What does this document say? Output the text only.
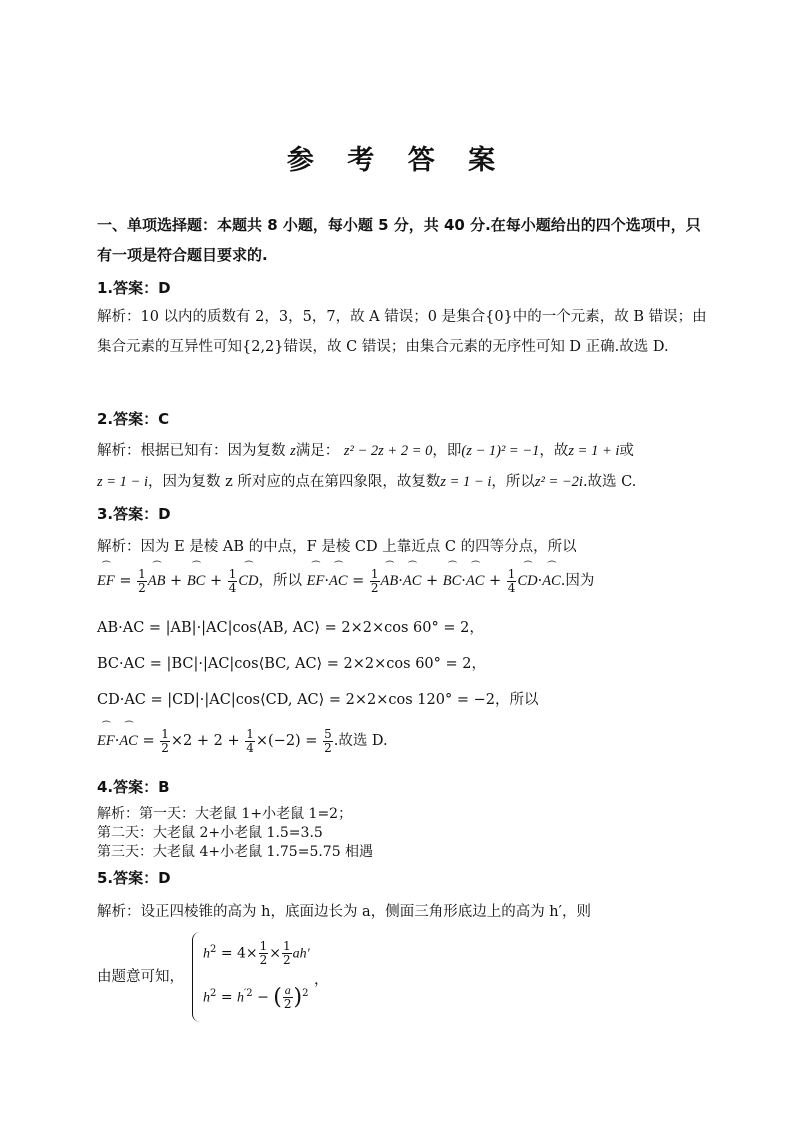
参 考 答 案
一、单项选择题：本题共 8 小题，每小题 5 分，共 40 分.在每小题给出的四个选项中，只有一项是符合题目要求的.
1.答案：D
解析：10 以内的质数有 2，3，5，7，故 A 错误；0 是集合{0}中的一个元素，故 B 错误；由集合元素的互异性可知{2,2}错误，故 C 错误；由集合元素的无序性可知 D 正确.故选 D.
2.答案：C
解析：根据已知有：因为复数 z满足： z² − 2z + 2 = 0，即(z − 1)² = −1，故z = 1 + i或
z = 1 − i，因为复数 z 所对应的点在第四象限，故复数z = 1 − i，所以z² = −2i.故选 C.
3.答案：D
解析：因为 E 是棱 AB 的中点，F 是棱 CD 上靠近点 C 的四等分点，所以
⏜ EF = $\frac{1}{2}$ ⏜ AB + ⏜ BC + $\frac{1}{4}$ ⏜ CD，所以 ⏜ EF·⏜ AC = $\frac{1}{2}$ ⏜ AB·⏜ AC + ⏜ BC·⏜ AC + $\frac{1}{4}$ ⏜ CD·⏜ AC.因为
AB·AC = |AB|·|AC|cos⟨AB, AC⟩ = 2×2×cos 60° = 2，
BC·AC = |BC|·|AC|cos⟨BC, AC⟩ = 2×2×cos 60° = 2，
CD·AC = |CD|·|AC|cos⟨CD, AC⟩ = 2×2×cos 120° = −2，所以
⏜ EF·⏜ AC = $\frac{1}{2} \times 2 + 2 + \frac{1}{4} \times(-2) = \frac{5}{2}$ .故选 D.
4.答案：B
解析：第一天：大老鼠 1+小老鼠 1=2；
第二天：大老鼠 2+小老鼠 1.5=3.5
第三天：大老鼠 4+小老鼠 1.75=5.75 相遇
5.答案：D
解析：设正四棱锥的高为 h，底面边长为 a，侧面三角形底边上的高为 h′，则
由题意可知，
$h^2 = 4\times \frac{1}{2} \times \frac{1}{2} ah'$
$h^2 = h^{'2}$ − ( $\frac{a}{2} )^2$
，
